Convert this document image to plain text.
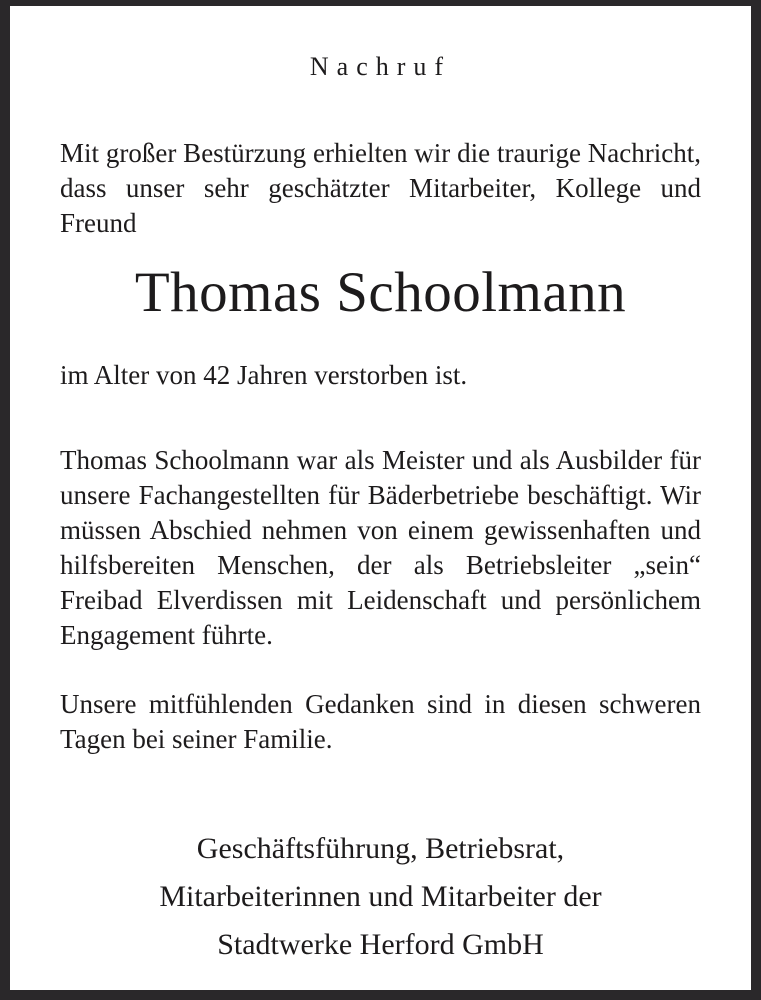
Nachruf

Mit großer Bestürzung erhielten wir die traurige Nachricht, dass unser sehr geschätzter Mitarbeiter, Kollege und Freund

Thomas Schoolmann

im Alter von 42 Jahren verstorben ist.

Thomas Schoolmann war als Meister und als Ausbilder für unsere Fachangestellten für Bäderbetriebe beschäftigt. Wir müssen Abschied nehmen von einem gewissenhaften und hilfsbereiten Menschen, der als Betriebsleiter „sein“ Freibad Elverdissen mit Leidenschaft und persönlichem Engagement führte.

Unsere mitfühlenden Gedanken sind in diesen schweren Tagen bei seiner Familie.

Geschäftsführung, Betriebsrat,
Mitarbeiterinnen und Mitarbeiter der
Stadtwerke Herford GmbH
